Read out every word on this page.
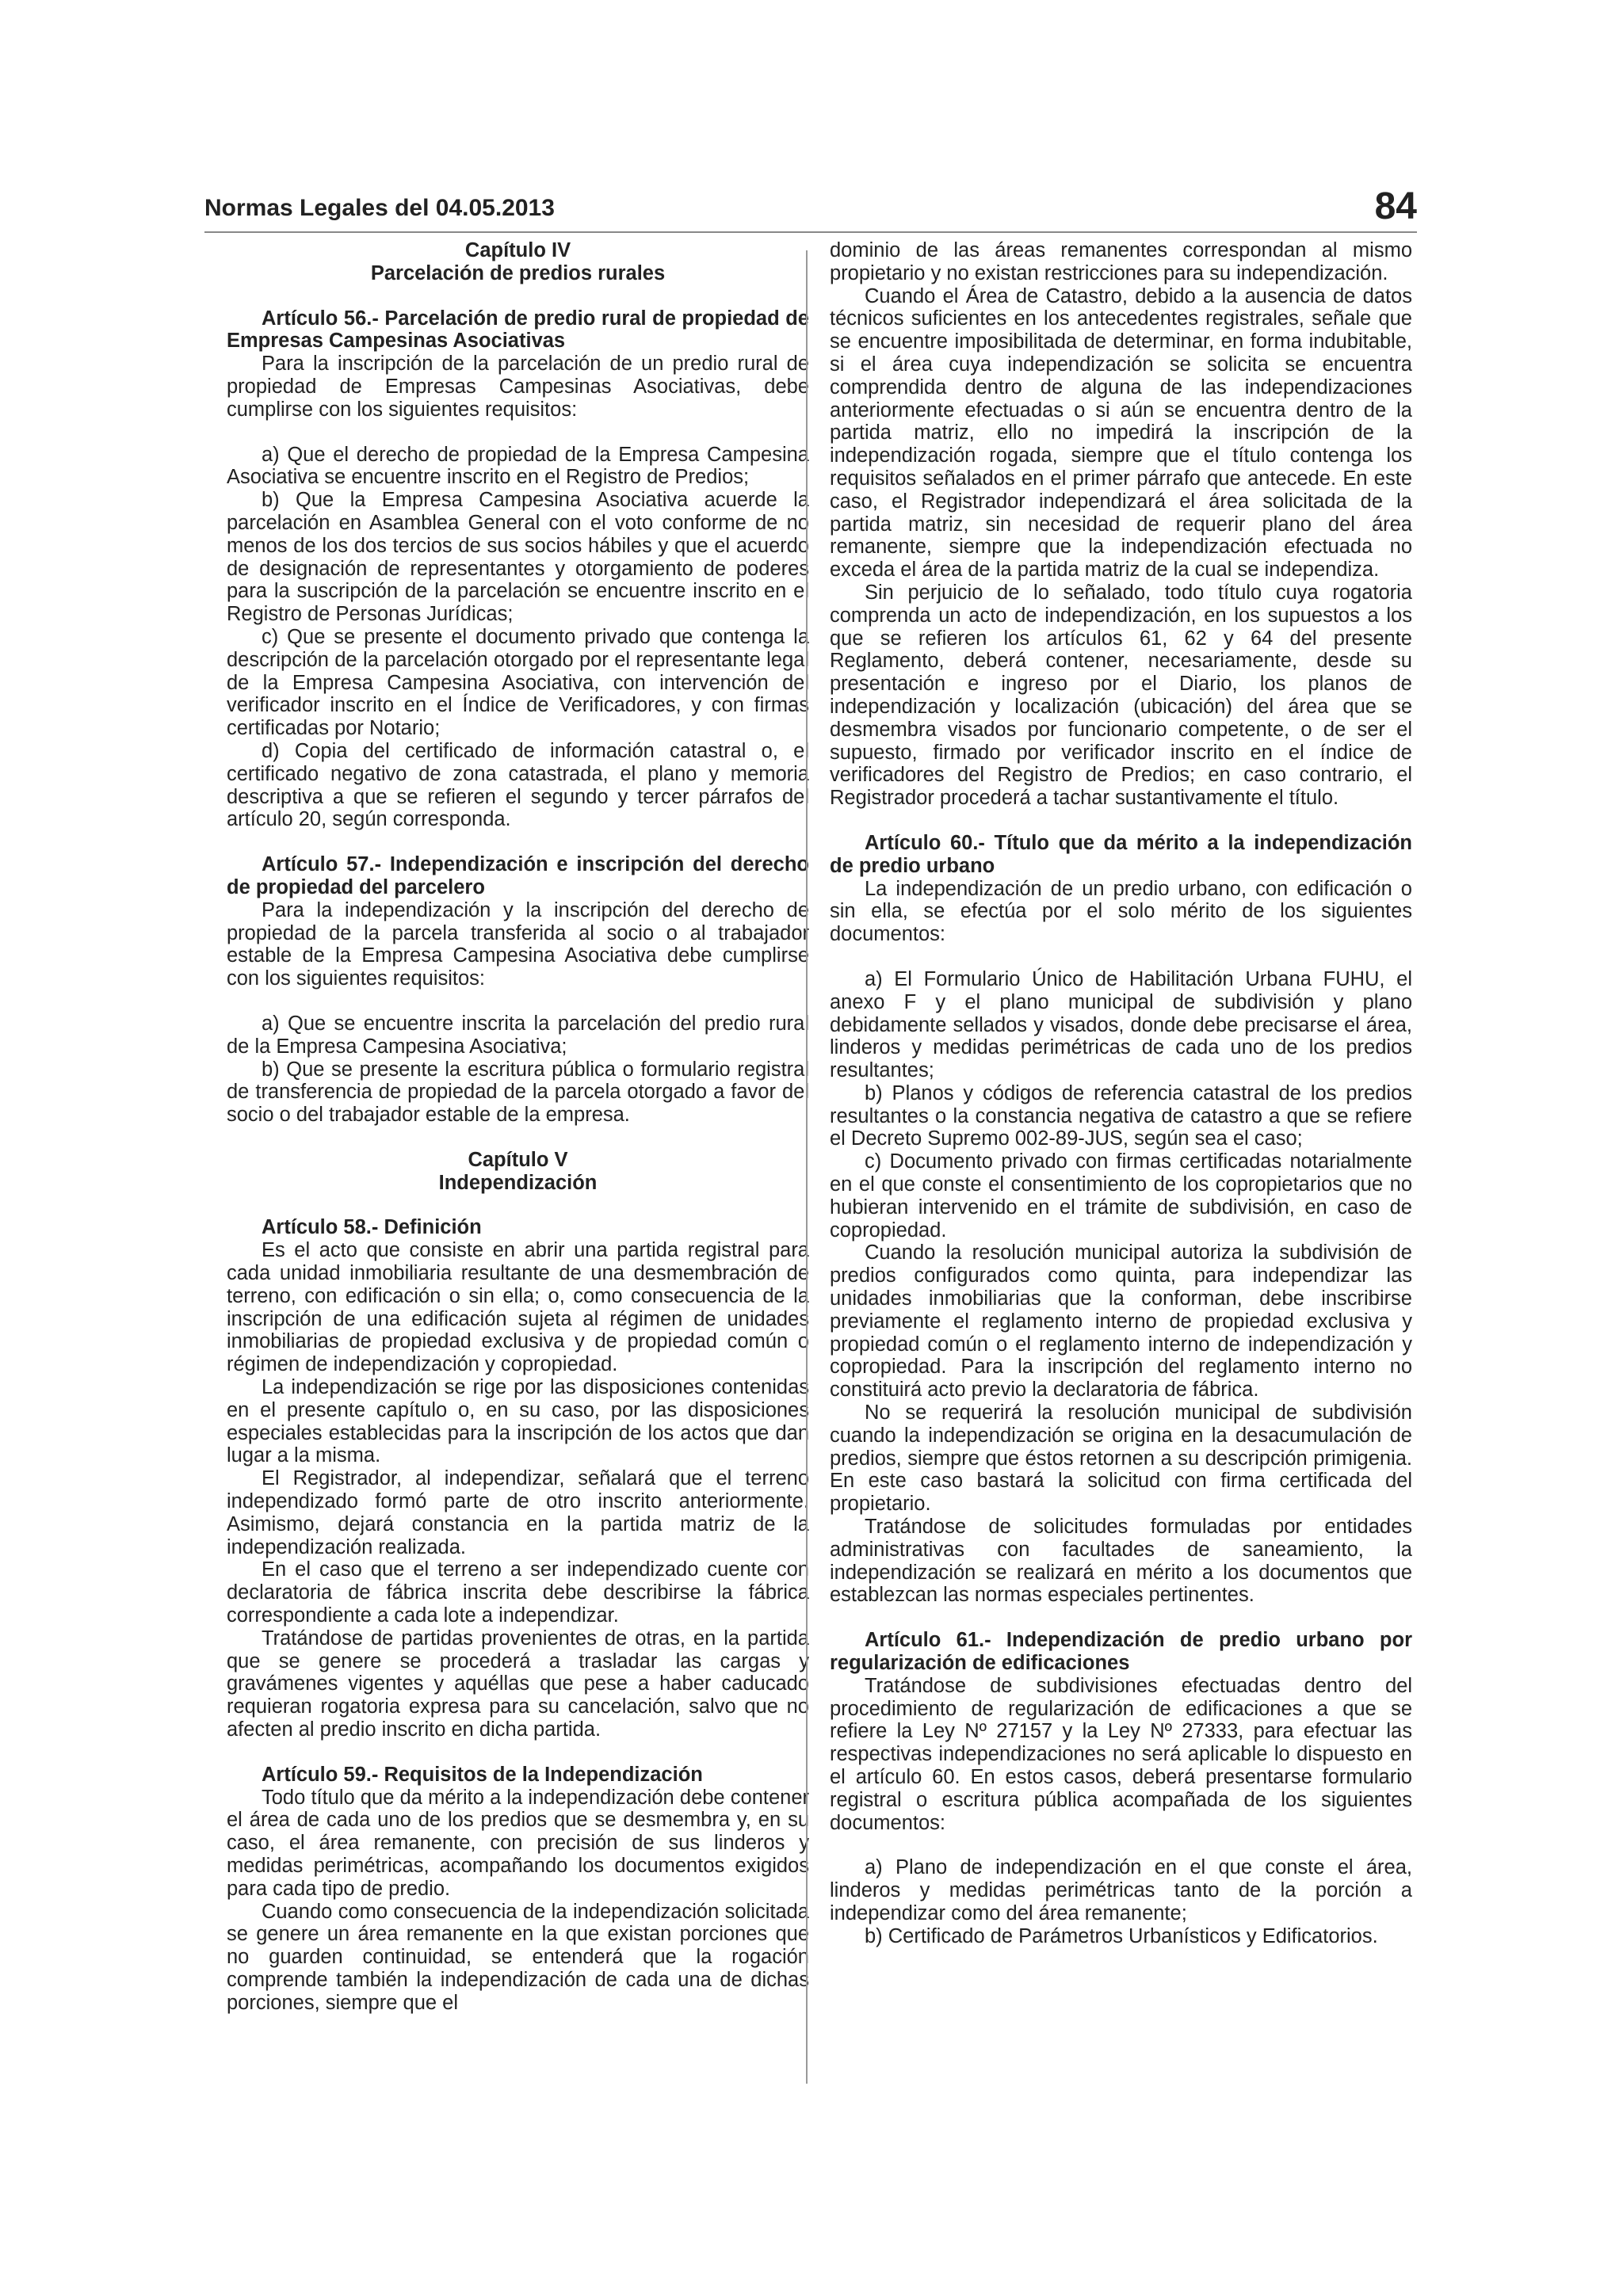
Normas Legales del 04.05.2013	84

Capítulo IV

Parcelación de predios rurales

Artículo 56.- Parcelación de predio rural de propiedad de Empresas Campesinas Asociativas

Para la inscripción de la parcelación de un predio rural de propiedad de Empresas Campesinas Asociativas, debe cumplirse con los siguientes requisitos:

a) Que el derecho de propiedad de la Empresa Campesina Asociativa se encuentre inscrito en el Registro de Predios;

b) Que la Empresa Campesina Asociativa acuerde la parcelación en Asamblea General con el voto conforme de no menos de los dos tercios de sus socios hábiles y que el acuerdo de designación de representantes y otorgamiento de poderes para la suscripción de la parcelación se encuentre inscrito en el Registro de Personas Jurídicas;

c) Que se presente el documento privado que contenga la descripción de la parcelación otorgado por el representante legal de la Empresa Campesina Asociativa, con intervención del verificador inscrito en el Índice de Verificadores, y con firmas certificadas por Notario;

d) Copia del certificado de información catastral o, el certificado negativo de zona catastrada, el plano y memoria descriptiva a que se refieren el segundo y tercer párrafos del artículo 20, según corresponda.

Artículo 57.- Independización e inscripción del derecho de propiedad del parcelero

Para la independización y la inscripción del derecho de propiedad de la parcela transferida al socio o al trabajador estable de la Empresa Campesina Asociativa debe cumplirse con los siguientes requisitos:

a) Que se encuentre inscrita la parcelación del predio rural de la Empresa Campesina Asociativa;

b) Que se presente la escritura pública o formulario registral de transferencia de propiedad de la parcela otorgado a favor del socio o del trabajador estable de la empresa.

Capítulo V

Independización

Artículo 58.- Definición

Es el acto que consiste en abrir una partida registral para cada unidad inmobiliaria resultante de una desmembración de terreno, con edificación o sin ella; o, como consecuencia de la inscripción de una edificación sujeta al régimen de unidades inmobiliarias de propiedad exclusiva y de propiedad común o régimen de independización y copropiedad.

La independización se rige por las disposiciones contenidas en el presente capítulo o, en su caso, por las disposiciones especiales establecidas para la inscripción de los actos que dan lugar a la misma.

El Registrador, al independizar, señalará que el terreno independizado formó parte de otro inscrito anteriormente. Asimismo, dejará constancia en la partida matriz de la independización realizada.

En el caso que el terreno a ser independizado cuente con declaratoria de fábrica inscrita debe describirse la fábrica correspondiente a cada lote a independizar.

Tratándose de partidas provenientes de otras, en la partida que se genere se procederá a trasladar las cargas y gravámenes vigentes y aquéllas que pese a haber caducado requieran rogatoria expresa para su cancelación, salvo que no afecten al predio inscrito en dicha partida.

Artículo 59.- Requisitos de la Independización

Todo título que da mérito a la independización debe contener el área de cada uno de los predios que se desmembra y, en su caso, el área remanente, con precisión de sus linderos y medidas perimétricas, acompañando los documentos exigidos para cada tipo de predio.

Cuando como consecuencia de la independización solicitada se genere un área remanente en la que existan porciones que no guarden continuidad, se entenderá que la rogación comprende también la independización de cada una de dichas porciones, siempre que el

dominio de las áreas remanentes correspondan al mismo propietario y no existan restricciones para su independización.

Cuando el Área de Catastro, debido a la ausencia de datos técnicos suficientes en los antecedentes registrales, señale que se encuentre imposibilitada de determinar, en forma indubitable, si el área cuya independización se solicita se encuentra comprendida dentro de alguna de las independizaciones anteriormente efectuadas o si aún se encuentra dentro de la partida matriz, ello no impedirá la inscripción de la independización rogada, siempre que el título contenga los requisitos señalados en el primer párrafo que antecede. En este caso, el Registrador independizará el área solicitada de la partida matriz, sin necesidad de requerir plano del área remanente, siempre que la independización efectuada no exceda el área de la partida matriz de la cual se independiza.

Sin perjuicio de lo señalado, todo título cuya rogatoria comprenda un acto de independización, en los supuestos a los que se refieren los artículos 61, 62 y 64 del presente Reglamento, deberá contener, necesariamente, desde su presentación e ingreso por el Diario, los planos de independización y localización (ubicación) del área que se desmembra visados por funcionario competente, o de ser el supuesto, firmado por verificador inscrito en el índice de verificadores del Registro de Predios; en caso contrario, el Registrador procederá a tachar sustantivamente el título.

Artículo 60.- Título que da mérito a la independización de predio urbano

La independización de un predio urbano, con edificación o sin ella, se efectúa por el solo mérito de los siguientes documentos:

a) El Formulario Único de Habilitación Urbana FUHU, el anexo F y el plano municipal de subdivisión y plano debidamente sellados y visados, donde debe precisarse el área, linderos y medidas perimétricas de cada uno de los predios resultantes;

b) Planos y códigos de referencia catastral de los predios resultantes o la constancia negativa de catastro a que se refiere el Decreto Supremo 002-89-JUS, según sea el caso;

c) Documento privado con firmas certificadas notarialmente en el que conste el consentimiento de los copropietarios que no hubieran intervenido en el trámite de subdivisión, en caso de copropiedad.

Cuando la resolución municipal autoriza la subdivisión de predios configurados como quinta, para independizar las unidades inmobiliarias que la conforman, debe inscribirse previamente el reglamento interno de propiedad exclusiva y propiedad común o el reglamento interno de independización y copropiedad. Para la inscripción del reglamento interno no constituirá acto previo la declaratoria de fábrica.

No se requerirá la resolución municipal de subdivisión cuando la independización se origina en la desacumulación de predios, siempre que éstos retornen a su descripción primigenia. En este caso bastará la solicitud con firma certificada del propietario.

Tratándose de solicitudes formuladas por entidades administrativas con facultades de saneamiento, la independización se realizará en mérito a los documentos que establezcan las normas especiales pertinentes.

Artículo 61.- Independización de predio urbano por regularización de edificaciones

Tratándose de subdivisiones efectuadas dentro del procedimiento de regularización de edificaciones a que se refiere la Ley Nº 27157 y la Ley Nº 27333, para efectuar las respectivas independizaciones no será aplicable lo dispuesto en el artículo 60. En estos casos, deberá presentarse formulario registral o escritura pública acompañada de los siguientes documentos:

a) Plano de independización en el que conste el área, linderos y medidas perimétricas tanto de la porción a independizar como del área remanente;

b) Certificado de Parámetros Urbanísticos y Edificatorios.
